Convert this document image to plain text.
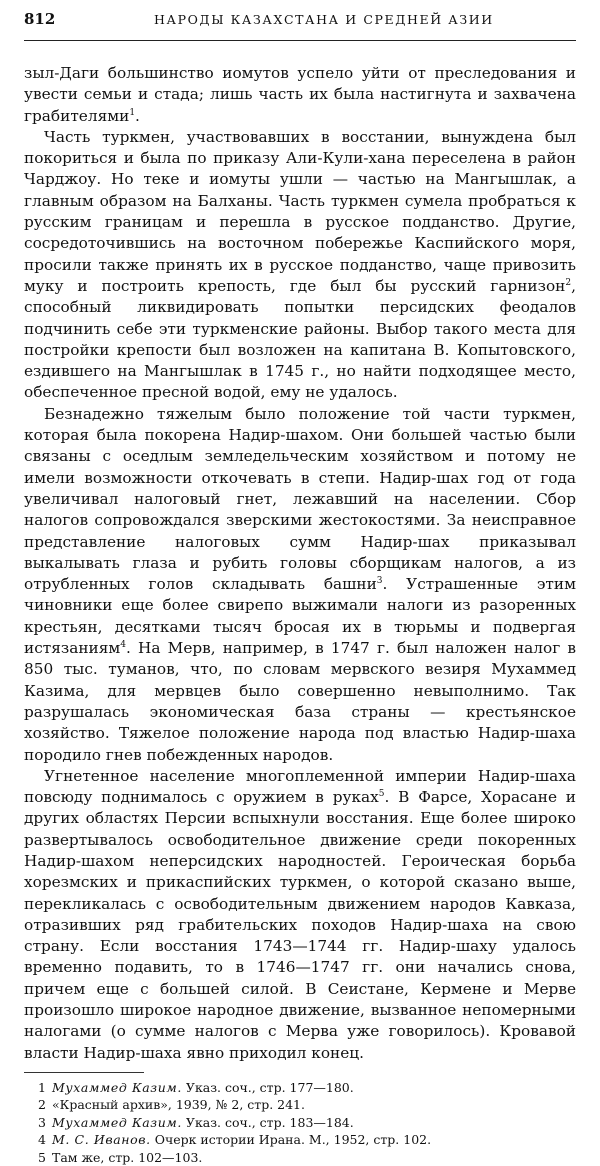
812	НАРОДЫ КАЗАХСТАНА И СРЕДНЕЙ АЗИИ

зыл-Даги большинство иомутов успело уйти от преследования и увести семьи и стада; лишь часть их была настигнута и захвачена грабителями$^1$.

Часть туркмен, участвовавших в восстании, вынуждена был покориться и была по приказу Али-Кули-хана переселена в район Чарджоу. Но теке и иомуты ушли — частью на Мангышлак, а главным образом на Балханы. Часть туркмен сумела пробраться к русским границам и перешла в русское подданство. Другие, сосредоточившись на восточном побережье Каспийского моря, просили также принять их в русское подданство, чаще привозить муку и построить крепость, где был бы русский гарнизон$^2$, способный ликвидировать попытки персидских феодалов подчинить себе эти туркменские районы. Выбор такого места для постройки крепости был возложен на капитана В. Копытовского, ездившего на Мангышлак в 1745 г., но найти подходящее место, обеспеченное пресной водой, ему не удалось.

Безнадежно тяжелым было положение той части туркмен, которая была покорена Надир-шахом. Они большей частью были связаны с оседлым земледельческим хозяйством и потому не имели возможности откочевать в степи. Надир-шах год от года увеличивал налоговый гнет, лежавший на населении. Сбор налогов сопровождался зверскими жестокостями. За неисправное представление налоговых сумм Надир-шах приказывал выкалывать глаза и рубить головы сборщикам налогов, а из отрубленных голов складывать башни$^3$. Устрашенные этим чиновники еще более свирепо выжимали налоги из разоренных крестьян, десятками тысяч бросая их в тюрьмы и подвергая истязаниям$^4$. На Мерв, например, в 1747 г. был наложен налог в 850 тыс. туманов, что, по словам мервского везиря Мухаммед Казима, для мервцев было совершенно невыполнимо. Так разрушалась экономическая база страны — крестьянское хозяйство. Тяжелое положение народа под властью Надир-шаха породило гнев побежденных народов.

Угнетенное население многоплеменной империи Надир-шаха повсюду поднималось с оружием в руках$^5$. В Фарсе, Хорасане и других областях Персии вспыхнули восстания. Еще более широко развертывалось освободительное движение среди покоренных Надир-шахом неперсидских народностей. Героическая борьба хорезмских и прикаспийских туркмен, о которой сказано выше, перекликалась с освободительным движением народов Кавказа, отразивших ряд грабительских походов Надир-шаха на свою страну. Если восстания 1743—1744 гг. Надир-шаху удалось временно подавить, то в 1746—1747 гг. они начались снова, причем еще с большей силой. В Сеистане, Кермене и Мерве произошло широкое народное движение, вызванное непомерными налогами (о сумме налогов с Мерва уже говорилось). Кровавой власти Надир-шаха явно приходил конец.

1 Мухаммед Казим. Указ. соч., стр. 177—180.
2 «Красный архив», 1939, № 2, стр. 241.
3 Мухаммед Казим. Указ. соч., стр. 183—184.
4 М. С. Иванов. Очерк истории Ирана. М., 1952, стр. 102.
5 Там же, стр. 102—103.
